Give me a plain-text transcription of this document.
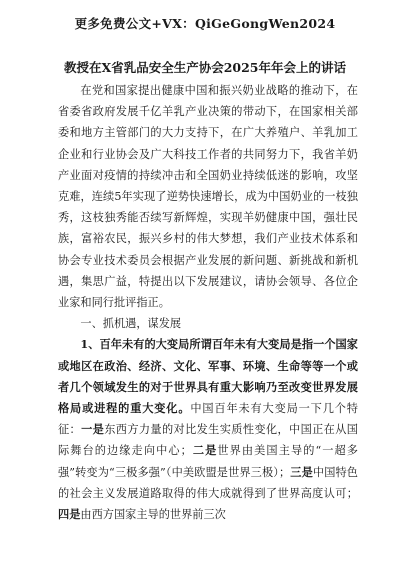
更多免费公文+VX：QiGeGongWen2024
教授在X省乳品安全生产协会2025年年会上的讲话

在党和国家提出健康中国和振兴奶业战略的推动下，在省委省政府发展千亿羊乳产业决策的带动下，在国家相关部委和地方主管部门的大力支持下，在广大养殖户、羊乳加工企业和行业协会及广大科技工作者的共同努力下，我省羊奶产业面对疫情的持续冲击和全国奶业持续低迷的影响，攻坚克难，连续5年实现了逆势快速增长，成为中国奶业的一枝独秀，这枝独秀能否续写新辉煌，实现羊奶健康中国，强壮民族，富裕农民，振兴乡村的伟大梦想，我们产业技术体系和协会专业技术委员会根据产业发展的新问题、新挑战和新机遇，集思广益，特提出以下发展建议，请协会领导、各位企业家和同行批评指正。

一、抓机遇，谋发展

1、百年未有的大变局所谓百年未有大变局是指一个国家或地区在政治、经济、文化、军事、环境、生命等等一个或者几个领域发生的对于世界具有重大影响乃至改变世界发展格局或进程的重大变化。中国百年未有大变局一下几个特征：一是东西方力量的对比发生实质性变化，中国正在从国际舞台的边缘走向中心；二是世界由美国主导的“一超多强”转变为“三极多强”（中美欧盟是世界三极）；三是中国特色的社会主义发展道路取得的伟大成就得到了世界高度认可；四是由西方国家主导的世界前三次
